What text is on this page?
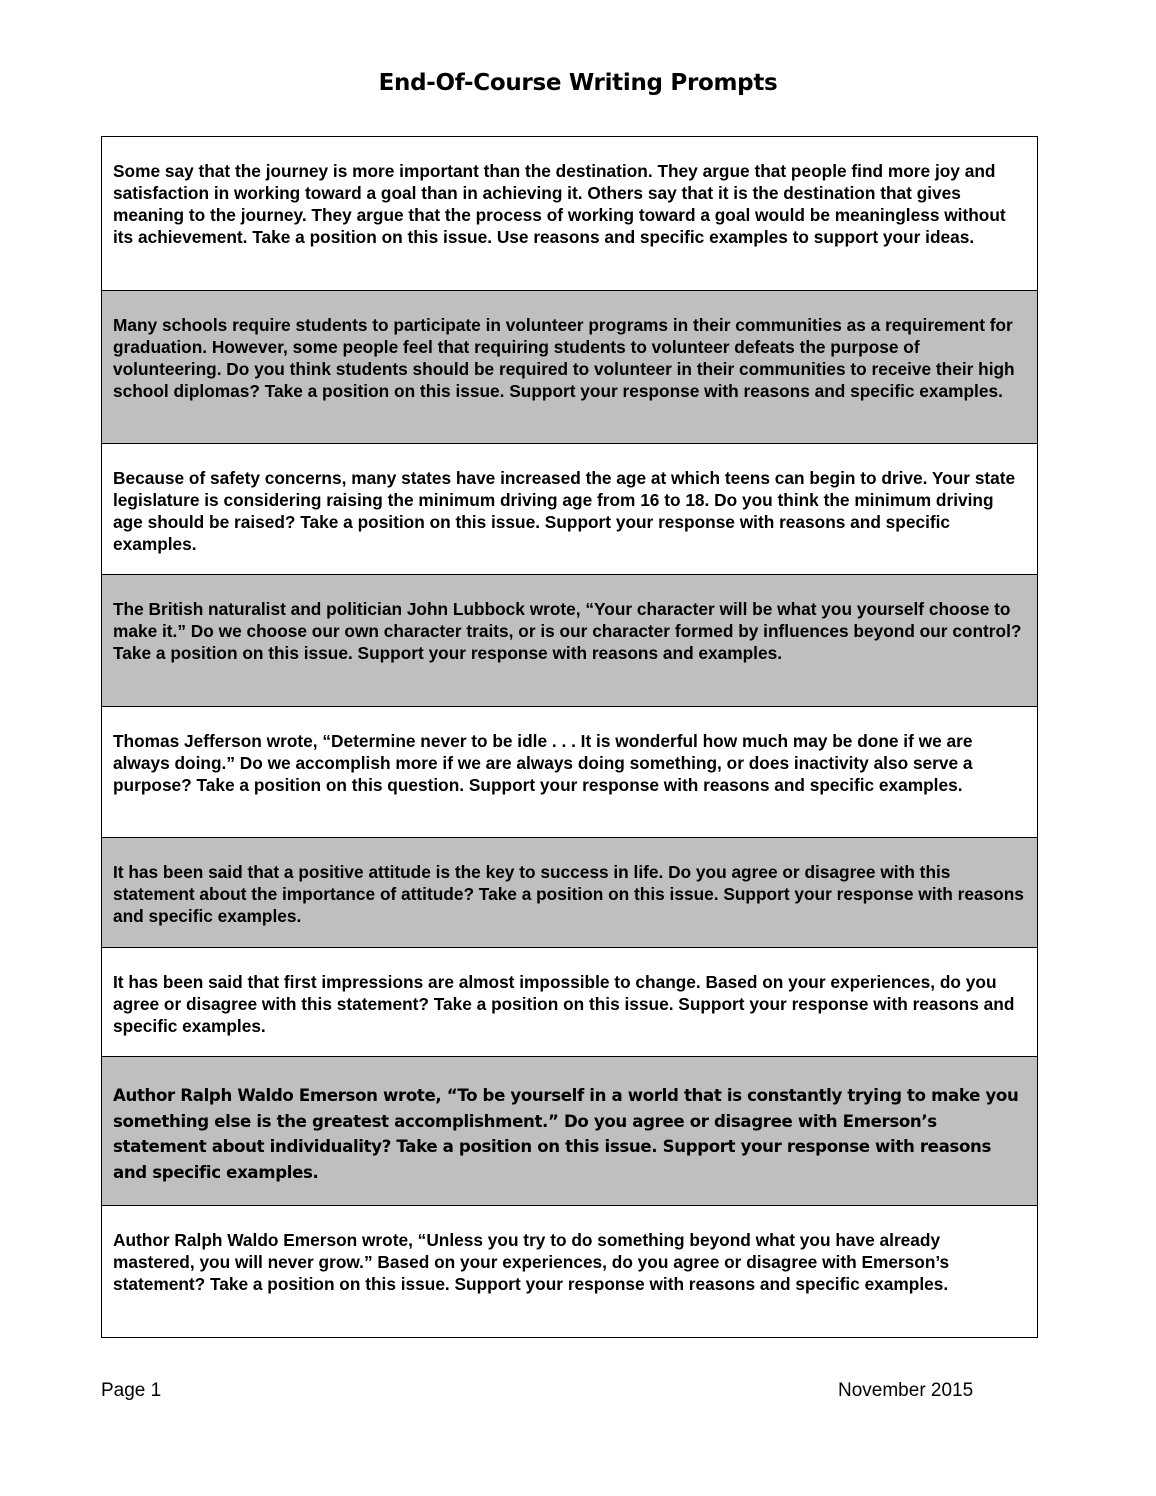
End-Of-Course Writing Prompts
Some say that the journey is more important than the destination. They argue that people find more joy and satisfaction in working toward a goal than in achieving it. Others say that it is the destination that gives meaning to the journey. They argue that the process of working toward a goal would be meaningless without its achievement. Take a position on this issue. Use reasons and specific examples to support your ideas.
Many schools require students to participate in volunteer programs in their communities as a requirement for graduation. However, some people feel that requiring students to volunteer defeats the purpose of volunteering. Do you think students should be required to volunteer in their communities to receive their high school diplomas? Take a position on this issue. Support your response with reasons and specific examples.
Because of safety concerns, many states have increased the age at which teens can begin to drive. Your state legislature is considering raising the minimum driving age from 16 to 18. Do you think the minimum driving age should be raised? Take a position on this issue. Support your response with reasons and specific examples.
The British naturalist and politician John Lubbock wrote, “Your character will be what you yourself choose to make it.” Do we choose our own character traits, or is our character formed by influences beyond our control? Take a position on this issue. Support your response with reasons and examples.
Thomas Jefferson wrote, “Determine never to be idle . . . It is wonderful how much may be done if we are always doing.” Do we accomplish more if we are always doing something, or does inactivity also serve a purpose? Take a position on this question. Support your response with reasons and specific examples.
It has been said that a positive attitude is the key to success in life. Do you agree or disagree with this statement about the importance of attitude? Take a position on this issue. Support your response with reasons and specific examples.
It has been said that first impressions are almost impossible to change. Based on your experiences, do you agree or disagree with this statement? Take a position on this issue. Support your response with reasons and specific examples.
Author Ralph Waldo Emerson wrote, “To be yourself in a world that is constantly trying to make you something else is the greatest accomplishment.” Do you agree or disagree with Emerson’s statement about individuality? Take a position on this issue. Support your response with reasons and specific examples.
Author Ralph Waldo Emerson wrote, “Unless you try to do something beyond what you have already mastered, you will never grow.” Based on your experiences, do you agree or disagree with Emerson’s statement? Take a position on this issue. Support your response with reasons and specific examples.
Page 1	November 2015
